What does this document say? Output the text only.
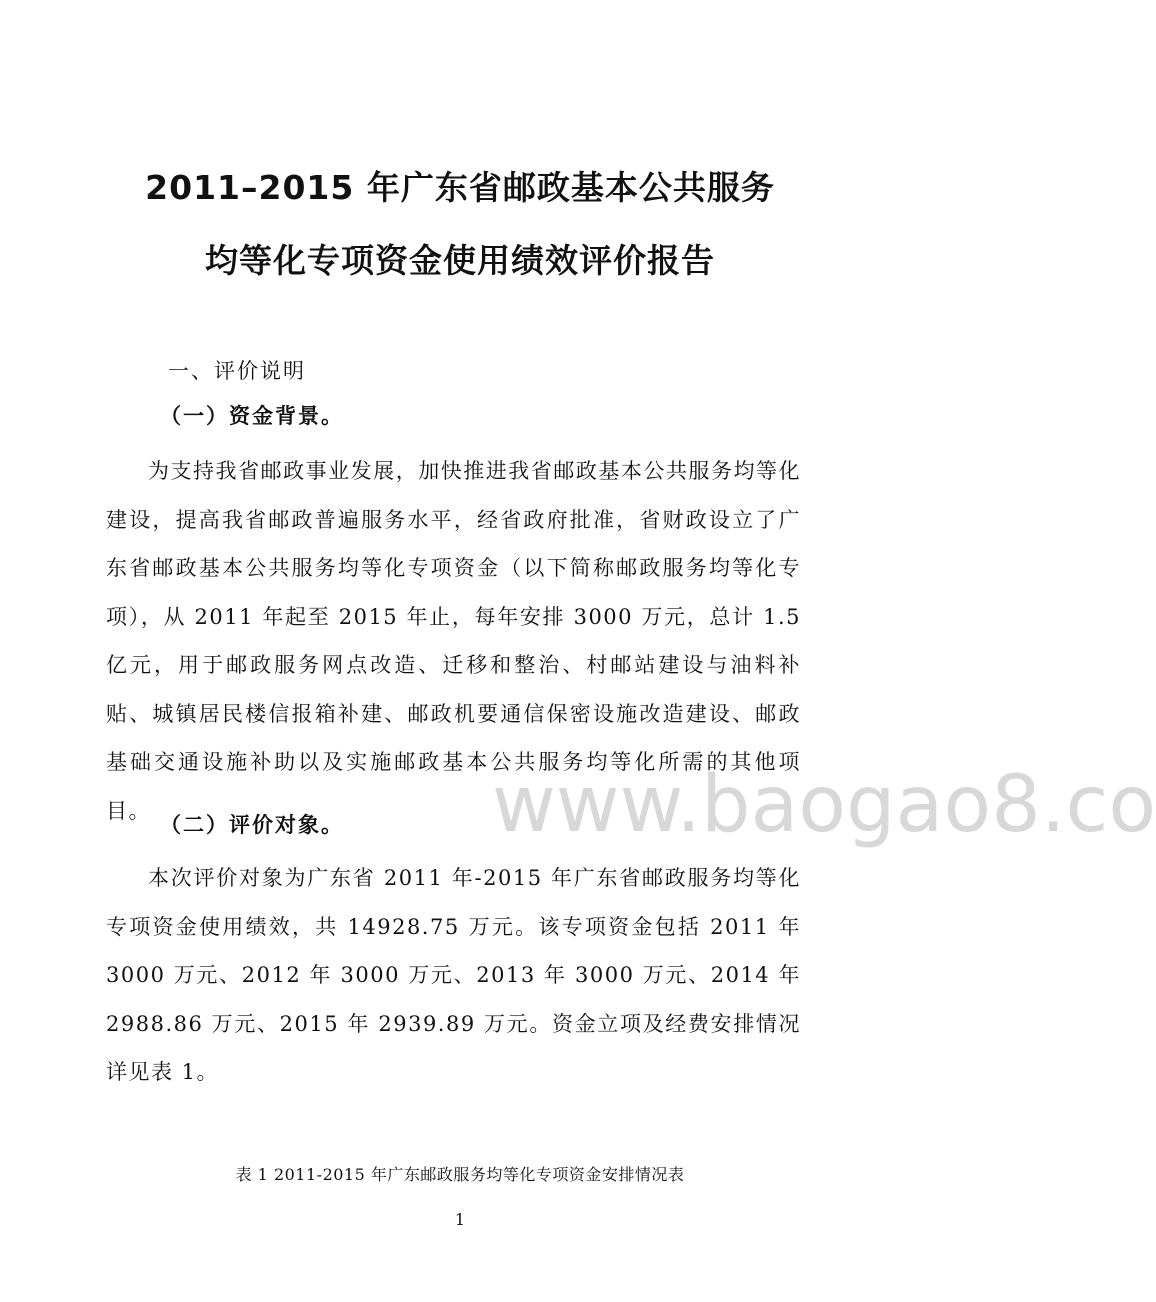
www.baogao8.co
2011–2015 年广东省邮政基本公共服务
均等化专项资金使用绩效评价报告
一、评价说明
（一）资金背景。

为支持我省邮政事业发展，加快推进我省邮政基本公共服务均等化建设，提高我省邮政普遍服务水平，经省政府批准，省财政设立了广东省邮政基本公共服务均等化专项资金（以下简称邮政服务均等化专项），从 2011 年起至 2015 年止，每年安排 3000 万元，总计 1.5 亿元，用于邮政服务网点改造、迁移和整治、村邮站建设与油料补贴、城镇居民楼信报箱补建、邮政机要通信保密设施改造建设、邮政基础交通设施补助以及实施邮政基本公共服务均等化所需的其他项目。

（二）评价对象。

本次评价对象为广东省 2011 年-2015 年广东省邮政服务均等化专项资金使用绩效，共 14928.75 万元。该专项资金包括 2011 年 3000 万元、2012 年 3000 万元、2013 年 3000 万元、2014 年 2988.86 万元、2015 年 2939.89 万元。资金立项及经费安排情况详见表 1。

表 1 2011-2015 年广东邮政服务均等化专项资金安排情况表
1
